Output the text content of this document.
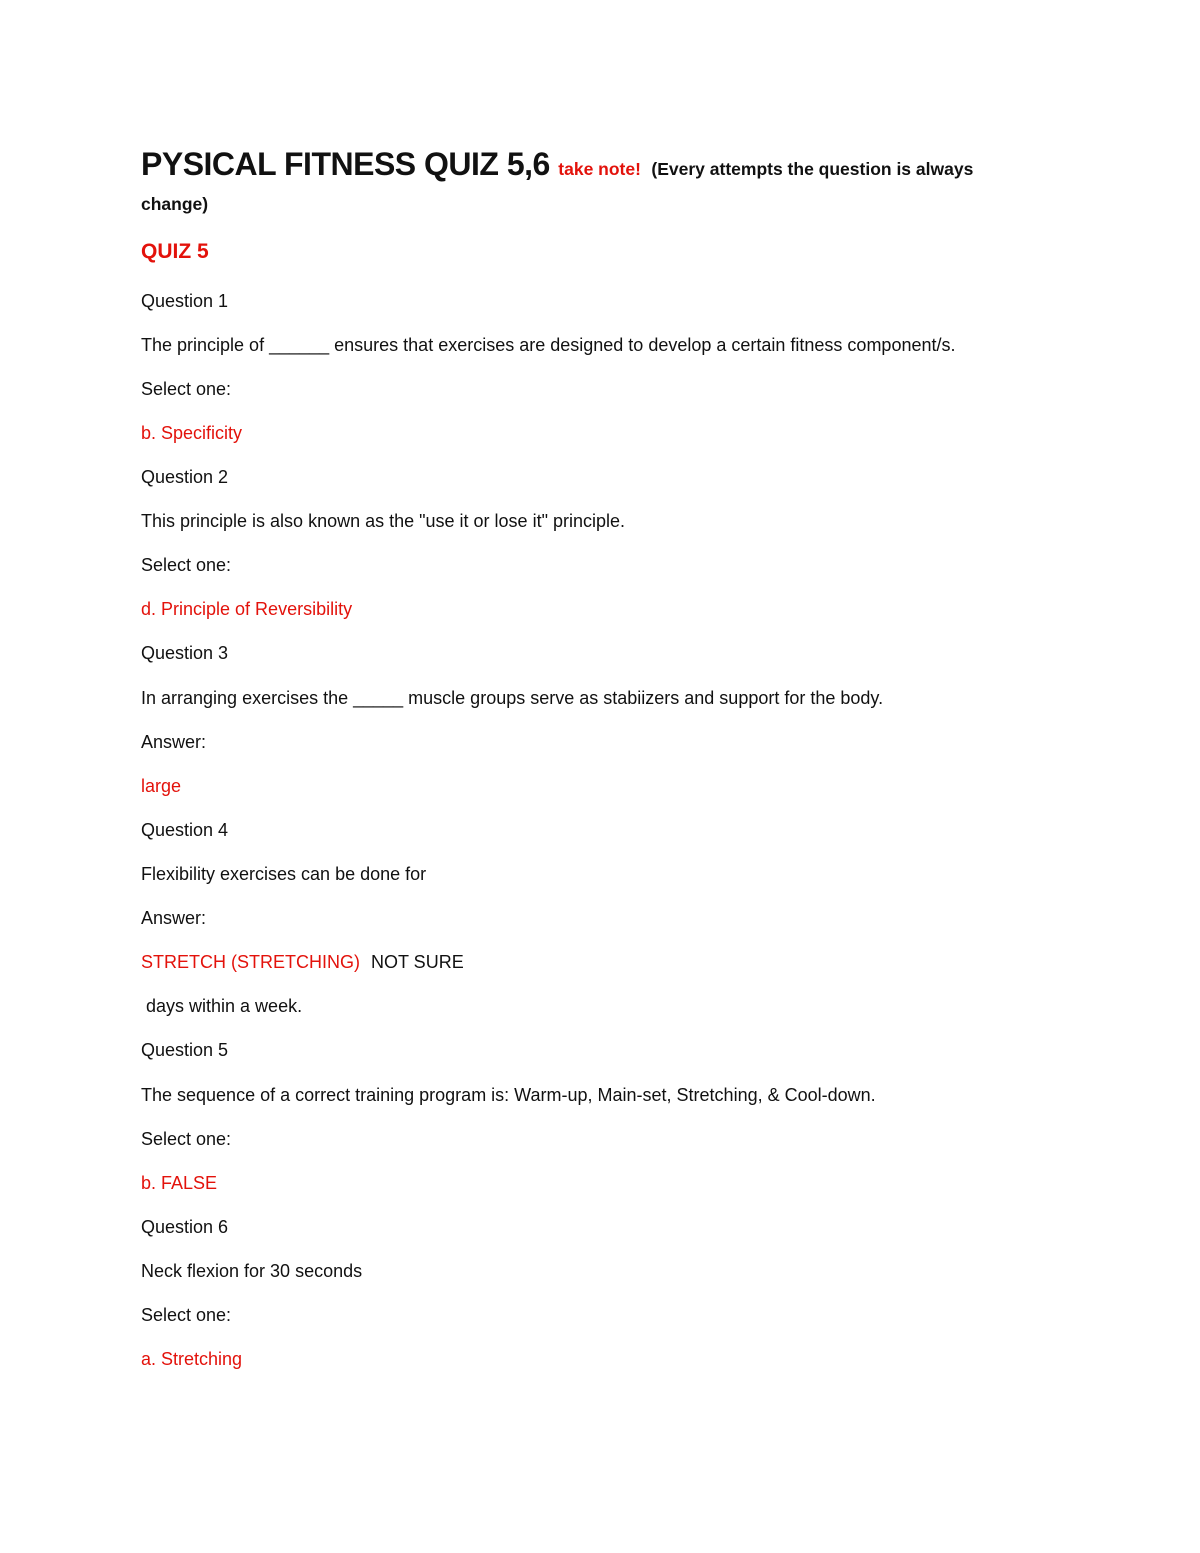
PYSICAL FITNESS QUIZ 5,6 take note! (Every attempts the question is always
change)
QUIZ 5
Question 1
The principle of ______ ensures that exercises are designed to develop a certain fitness component/s.
Select one:
b. Specificity
Question 2
This principle is also known as the "use it or lose it" principle.
Select one:
d. Principle of Reversibility
Question 3
In arranging exercises the _____ muscle groups serve as stabiizers and support for the body.
Answer:
large
Question 4
Flexibility exercises can be done for
Answer:
STRETCH (STRETCHING) NOT SURE
days within a week.
Question 5
The sequence of a correct training program is: Warm-up, Main-set, Stretching, & Cool-down.
Select one:
b. FALSE
Question 6
Neck flexion for 30 seconds
Select one:
a. Stretching
